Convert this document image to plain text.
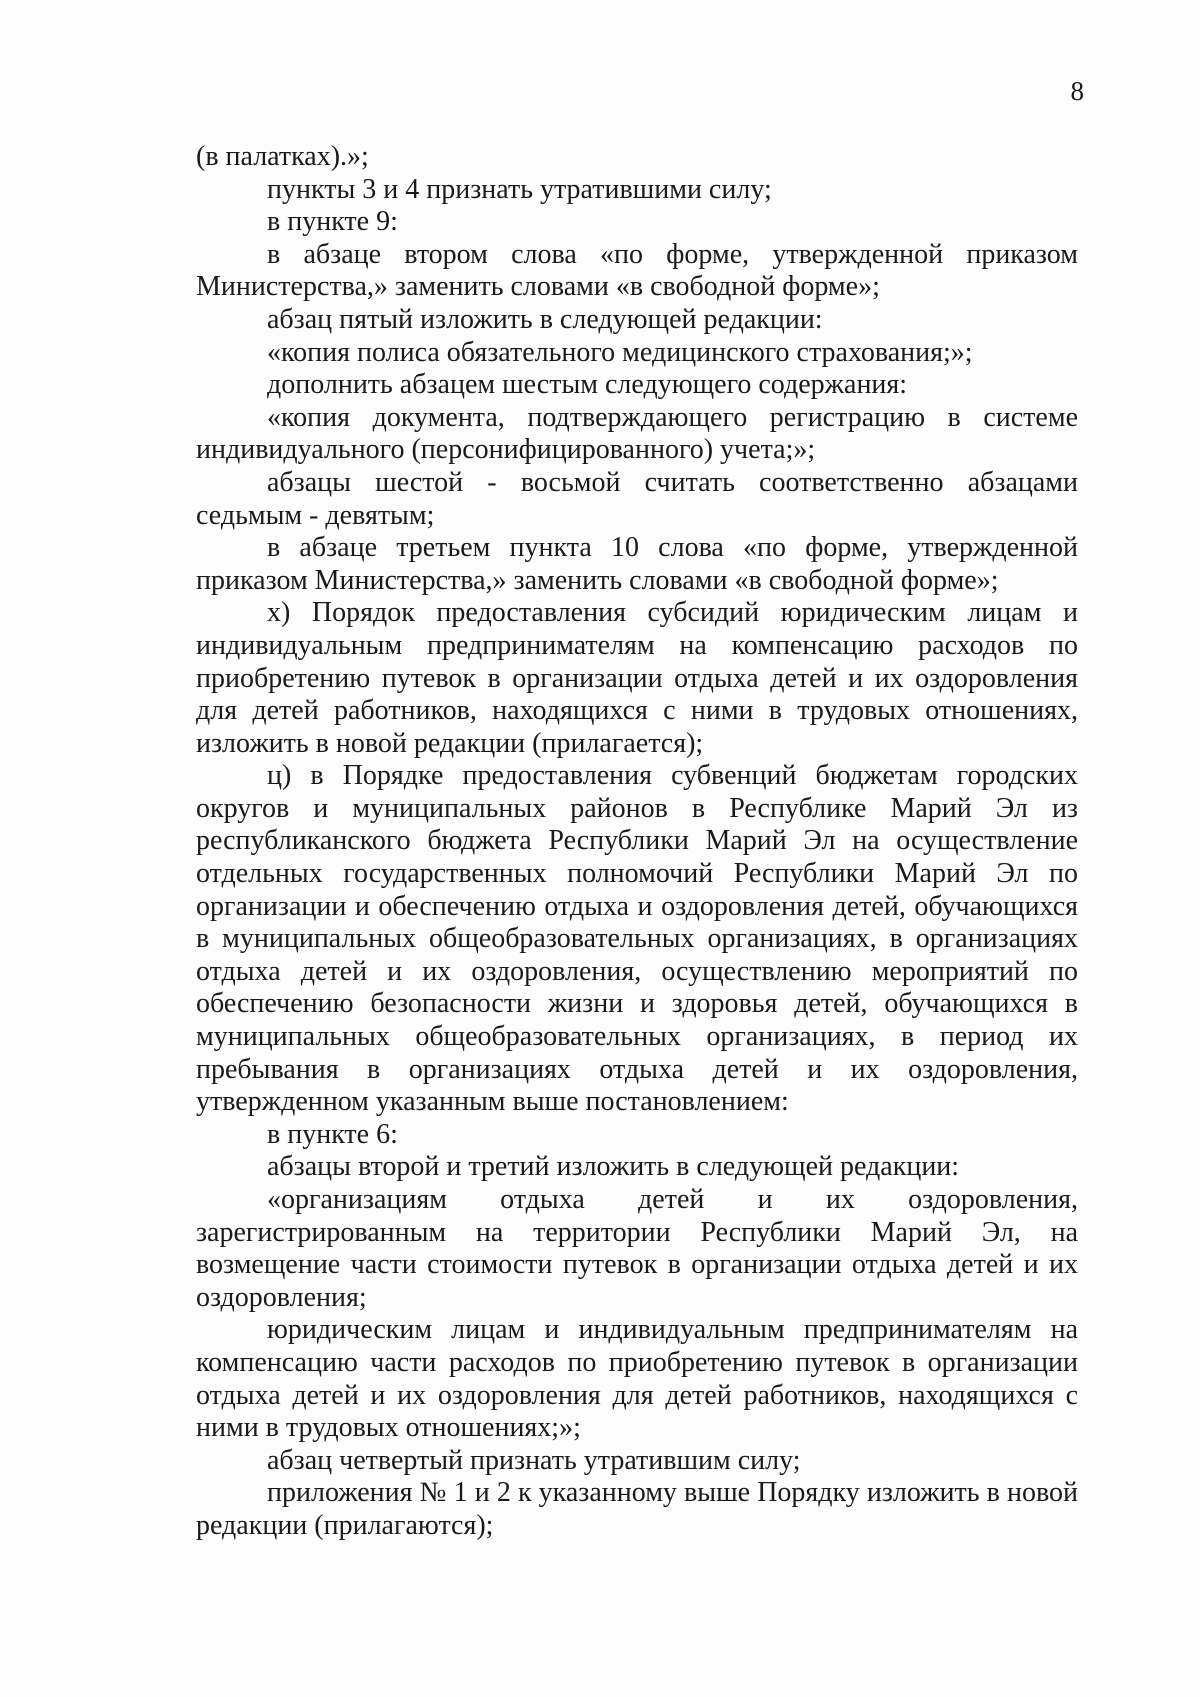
8

(в палатках).»;

пункты 3 и 4 признать утратившими силу;

в пункте 9:

в абзаце втором слова «по форме, утвержденной приказом Министерства,» заменить словами «в свободной форме»;

абзац пятый изложить в следующей редакции:

«копия полиса обязательного медицинского страхования;»;

дополнить абзацем шестым следующего содержания:

«копия документа, подтверждающего регистрацию в системе индивидуального (персонифицированного) учета;»;

абзацы шестой - восьмой считать соответственно абзацами седьмым - девятым;

в абзаце третьем пункта 10 слова «по форме, утвержденной приказом Министерства,» заменить словами «в свободной форме»;

х) Порядок предоставления субсидий юридическим лицам и индивидуальным предпринимателям на компенсацию расходов по приобретению путевок в организации отдыха детей и их оздоровления для детей работников, находящихся с ними в трудовых отношениях, изложить в новой редакции (прилагается);

ц) в Порядке предоставления субвенций бюджетам городских округов и муниципальных районов в Республике Марий Эл из республиканского бюджета Республики Марий Эл на осуществление отдельных государственных полномочий Республики Марий Эл по организации и обеспечению отдыха и оздоровления детей, обучающихся в муниципальных общеобразовательных организациях, в организациях отдыха детей и их оздоровления, осуществлению мероприятий по обеспечению безопасности жизни и здоровья детей, обучающихся в муниципальных общеобразовательных организациях, в период их пребывания в организациях отдыха детей и их оздоровления, утвержденном указанным выше постановлением:

в пункте 6:

абзацы второй и третий изложить в следующей редакции:

«организациям отдыха детей и их оздоровления, зарегистрированным на территории Республики Марий Эл, на возмещение части стоимости путевок в организации отдыха детей и их оздоровления;

юридическим лицам и индивидуальным предпринимателям на компенсацию части расходов по приобретению путевок в организации отдыха детей и их оздоровления для детей работников, находящихся с ними в трудовых отношениях;»;

абзац четвертый признать утратившим силу;

приложения № 1 и 2 к указанному выше Порядку изложить в новой редакции (прилагаются);
